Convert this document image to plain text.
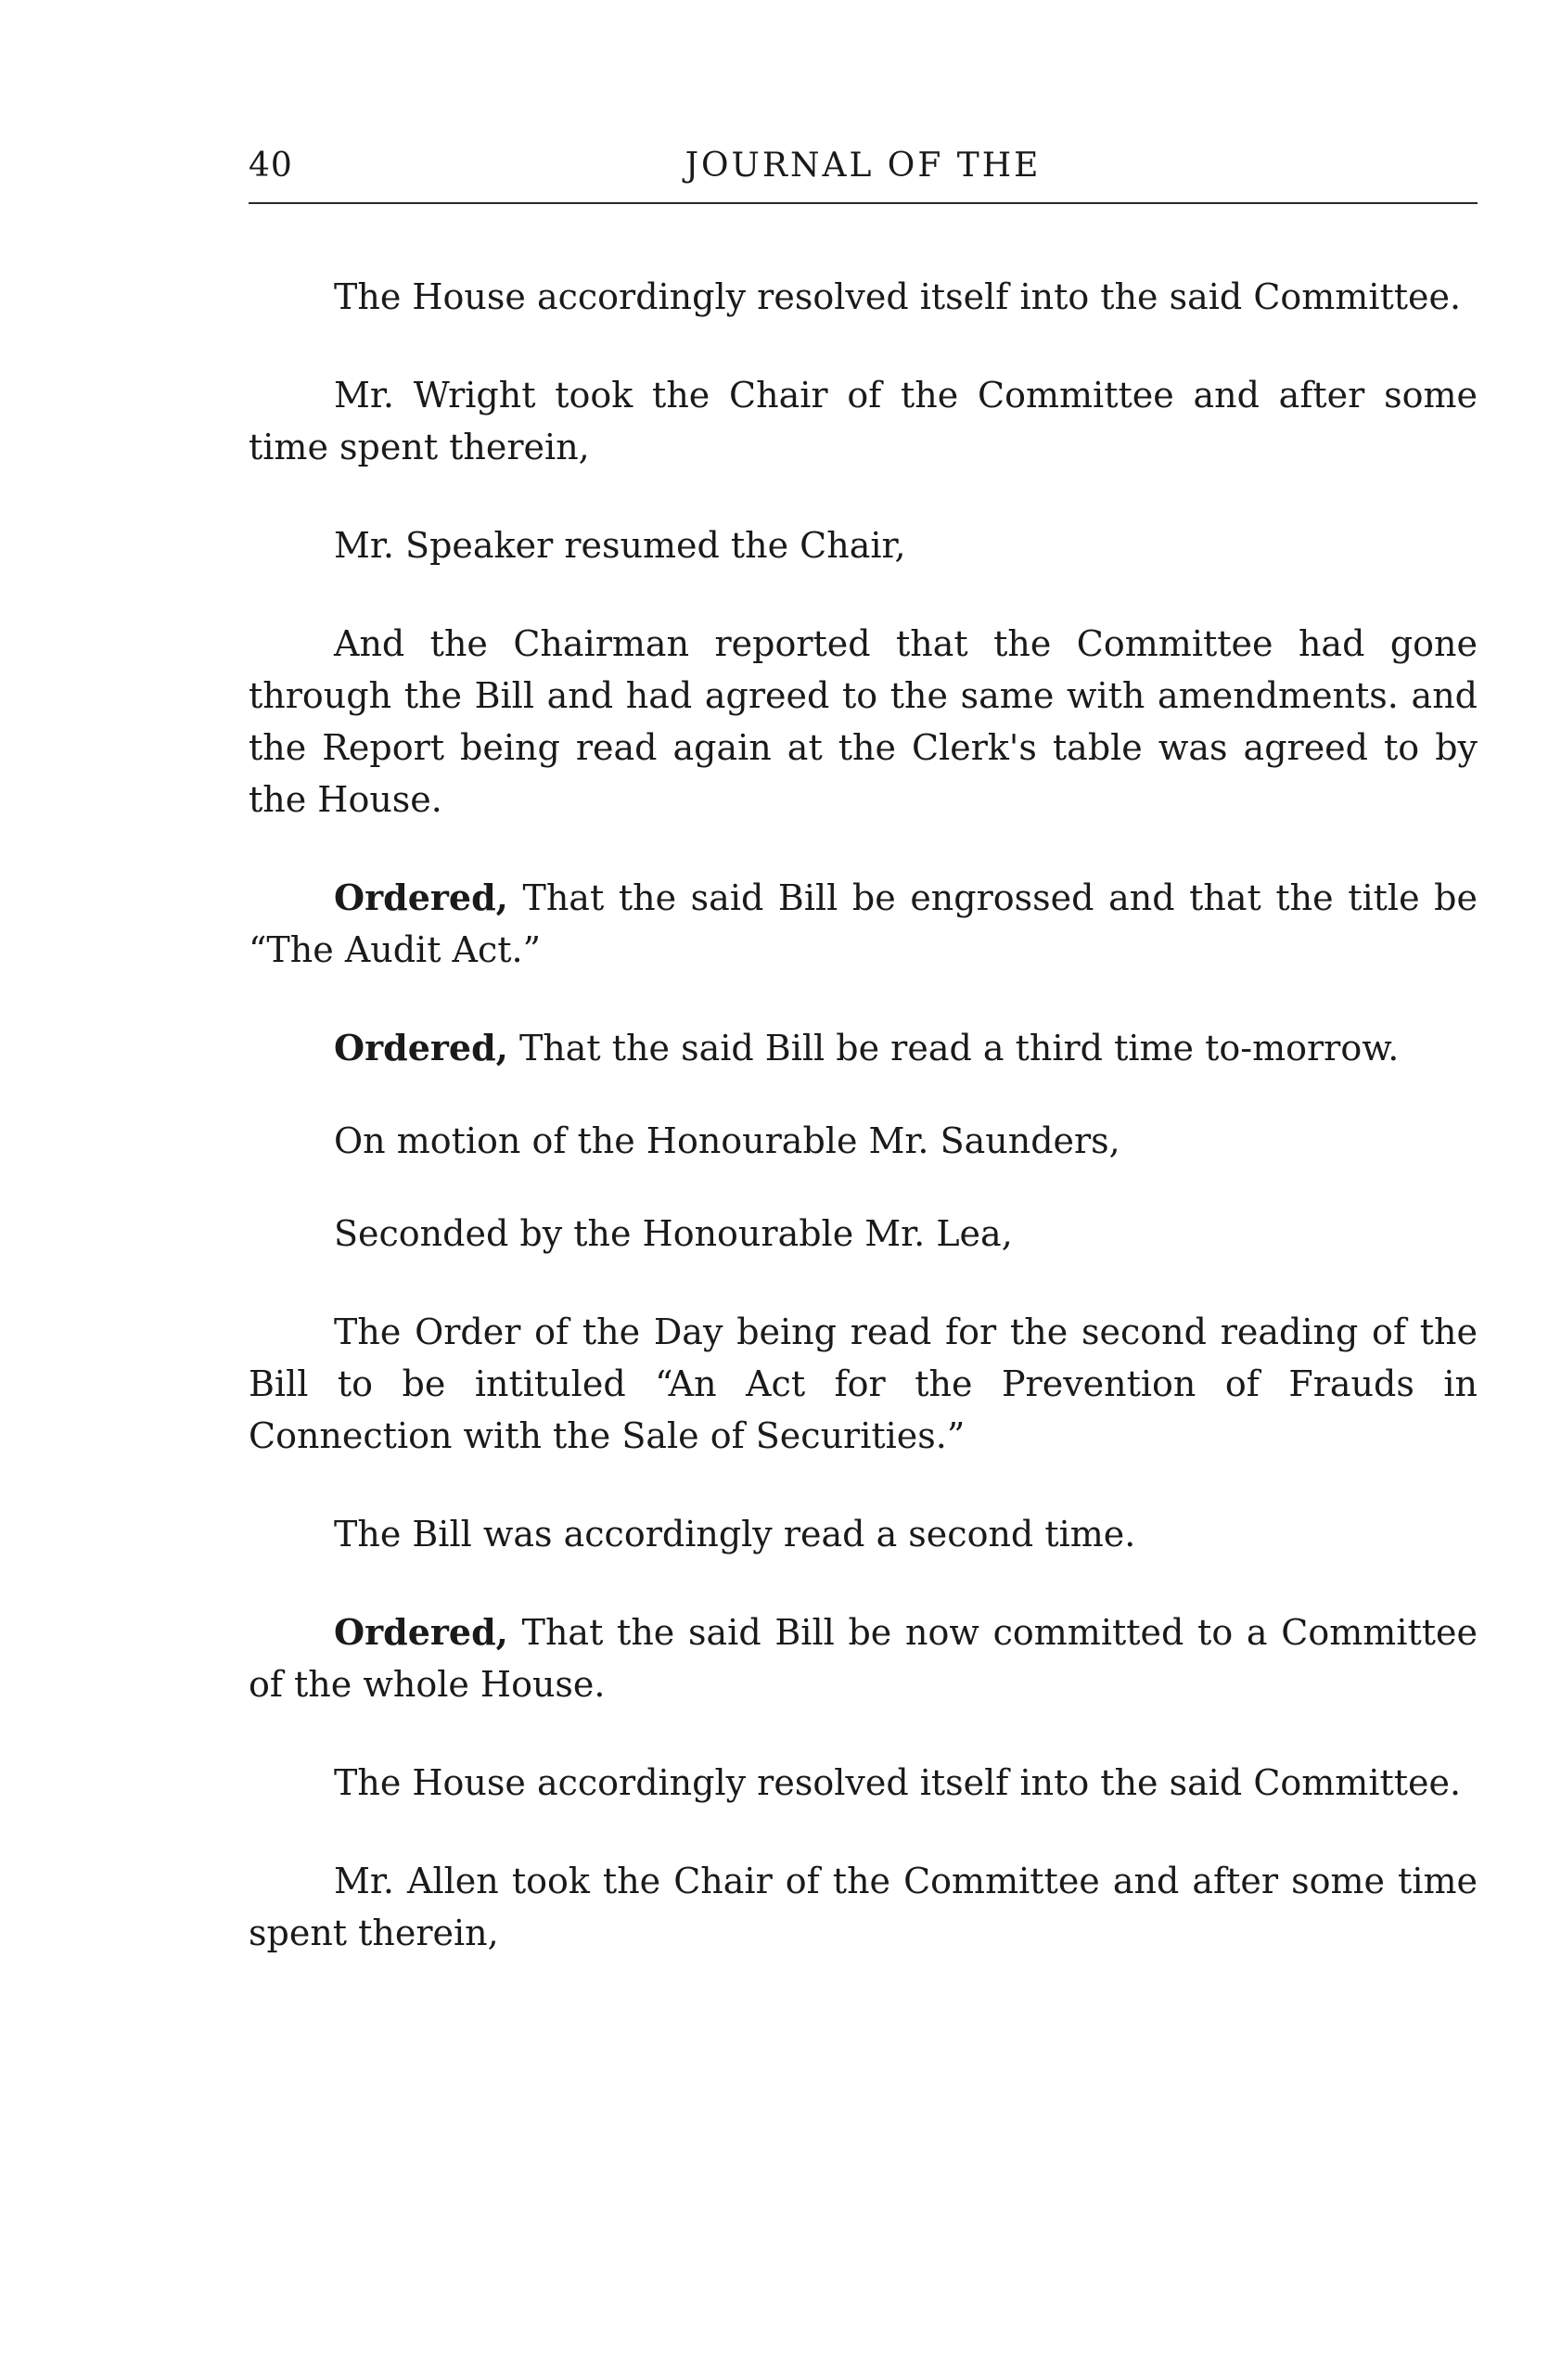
40	JOURNAL OF THE

The House accordingly resolved itself into the said Committee.

Mr. Wright took the Chair of the Committee and after some time spent therein,

Mr. Speaker resumed the Chair,

And the Chairman reported that the Committee had gone through the Bill and had agreed to the same with amendments. and the Report being read again at the Clerk's table was agreed to by the House.

Ordered, That the said Bill be engrossed and that the title be “The Audit Act.”

Ordered, That the said Bill be read a third time to-morrow.

On motion of the Honourable Mr. Saunders,

Seconded by the Honourable Mr. Lea,

The Order of the Day being read for the second reading of the Bill to be intituled “An Act for the Prevention of Frauds in Connection with the Sale of Securities.”

The Bill was accordingly read a second time.

Ordered, That the said Bill be now committed to a Committee of the whole House.

The House accordingly resolved itself into the said Committee.

Mr. Allen took the Chair of the Committee and after some time spent therein,
